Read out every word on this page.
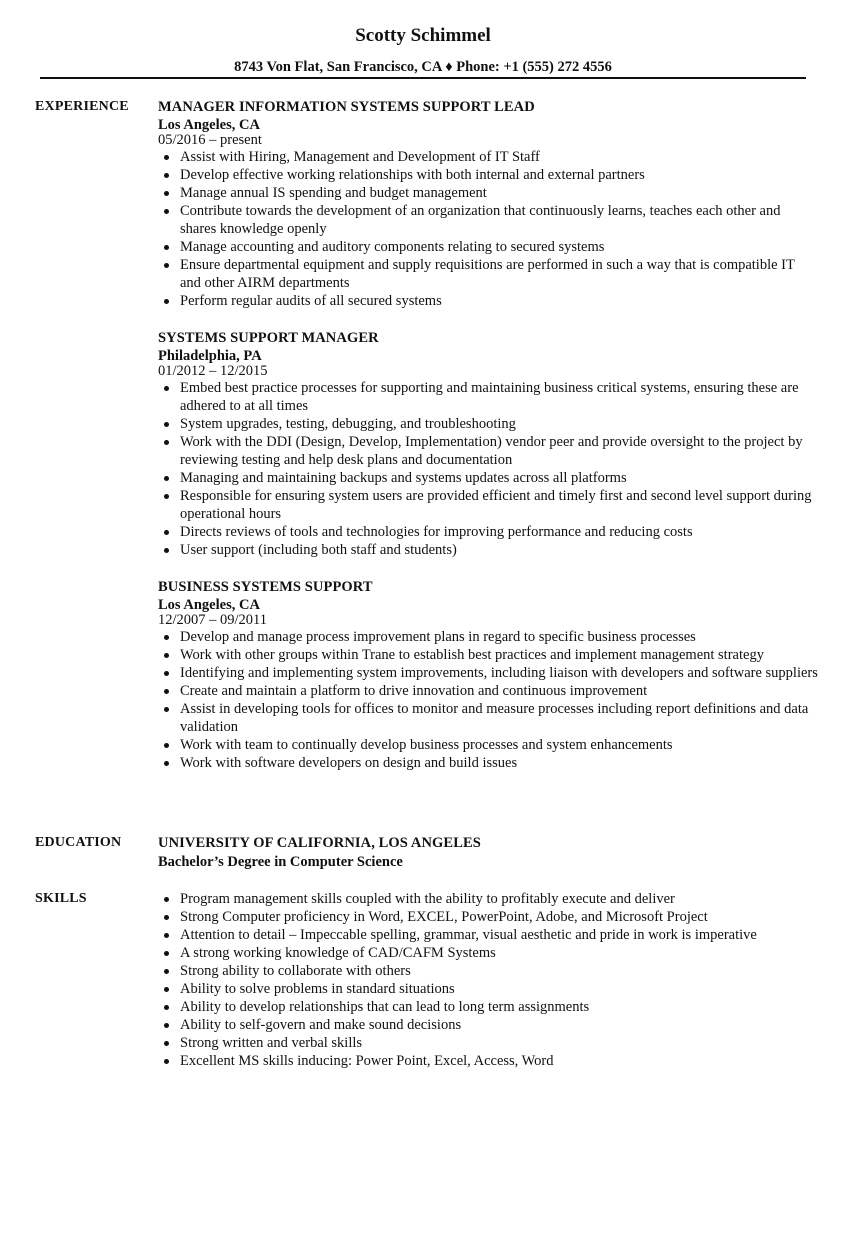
Scotty Schimmel
8743 Von Flat, San Francisco, CA ♦ Phone: +1 (555) 272 4556
EXPERIENCE MANAGER INFORMATION SYSTEMS SUPPORT LEAD
Los Angeles, CA
05/2016 – present
Assist with Hiring, Management and Development of IT Staff
Develop effective working relationships with both internal and external partners
Manage annual IS spending and budget management
Contribute towards the development of an organization that continuously learns, teaches each other and shares knowledge openly
Manage accounting and auditory components relating to secured systems
Ensure departmental equipment and supply requisitions are performed in such a way that is compatible IT and other AIRM departments
Perform regular audits of all secured systems
SYSTEMS SUPPORT MANAGER
Philadelphia, PA
01/2012 – 12/2015
Embed best practice processes for supporting and maintaining business critical systems, ensuring these are adhered to at all times
System upgrades, testing, debugging, and troubleshooting
Work with the DDI (Design, Develop, Implementation) vendor peer and provide oversight to the project by reviewing testing and help desk plans and documentation
Managing and maintaining backups and systems updates across all platforms
Responsible for ensuring system users are provided efficient and timely first and second level support during operational hours
Directs reviews of tools and technologies for improving performance and reducing costs
User support (including both staff and students)
BUSINESS SYSTEMS SUPPORT
Los Angeles, CA
12/2007 – 09/2011
Develop and manage process improvement plans in regard to specific business processes
Work with other groups within Trane to establish best practices and implement management strategy
Identifying and implementing system improvements, including liaison with developers and software suppliers
Create and maintain a platform to drive innovation and continuous improvement
Assist in developing tools for offices to monitor and measure processes including report definitions and data validation
Work with team to continually develop business processes and system enhancements
Work with software developers on design and build issues
EDUCATION	UNIVERSITY OF CALIFORNIA, LOS ANGELES
Bachelor’s Degree in Computer Science
SKILLS	Program management skills coupled with the ability to profitably execute and deliver
Strong Computer proficiency in Word, EXCEL, PowerPoint, Adobe, and Microsoft Project
Attention to detail – Impeccable spelling, grammar, visual aesthetic and pride in work is imperative
A strong working knowledge of CAD/CAFM Systems
Strong ability to collaborate with others
Ability to solve problems in standard situations
Ability to develop relationships that can lead to long term assignments
Ability to self-govern and make sound decisions
Strong written and verbal skills
Excellent MS skills inducing: Power Point, Excel, Access, Word
